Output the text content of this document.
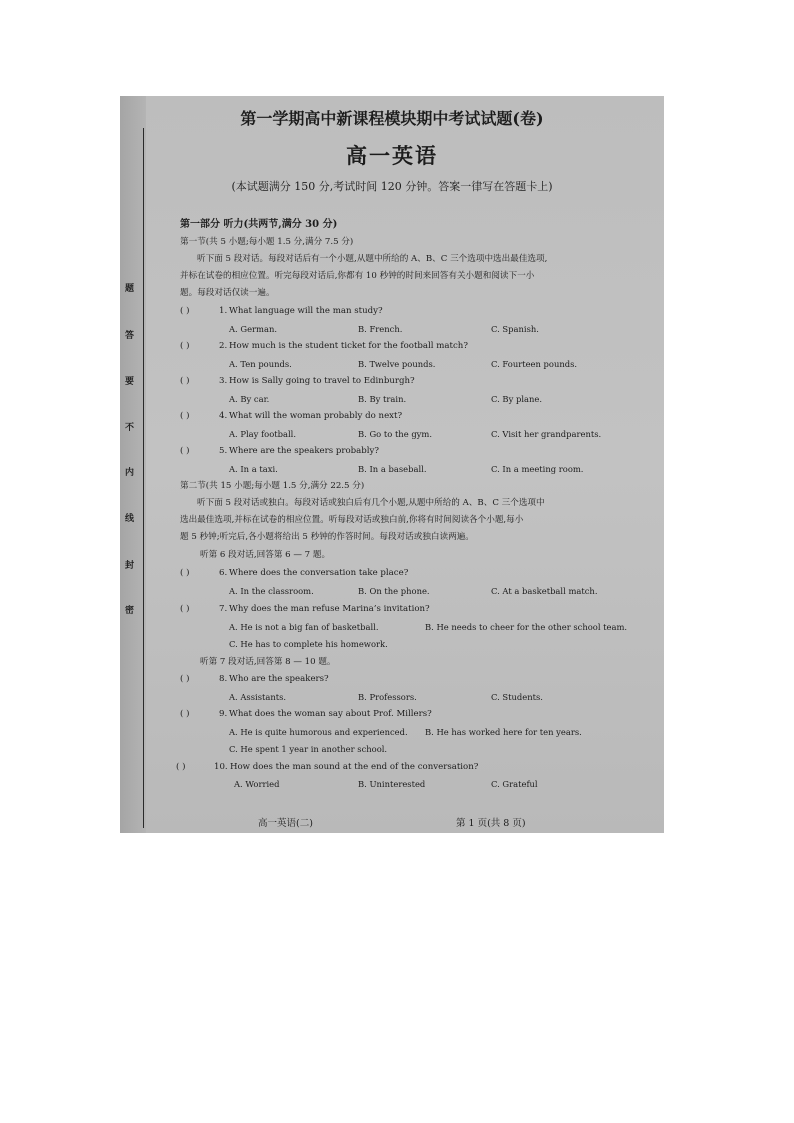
题
答
要
不
内
线
封
密
第一学期高中新课程模块期中考试试题(卷)
高一英语
(本试题满分 150 分,考试时间 120 分钟。答案一律写在答题卡上)
第一部分 听力(共两节,满分 30 分)
第一节(共 5 小题;每小题 1.5 分,满分 7.5 分)
听下面 5 段对话。每段对话后有一个小题,从题中所给的 A、B、C 三个选项中选出最佳选项,
并标在试卷的相应位置。听完每段对话后,你都有 10 秒钟的时间来回答有关小题和阅读下一小
题。每段对话仅读一遍。
( )	1. What language will the man study?
A. German.	B. French.	C. Spanish.
( )	2. How much is the student ticket for the football match?
A. Ten pounds.	B. Twelve pounds.	C. Fourteen pounds.
( )	3. How is Sally going to travel to Edinburgh?
A. By car.	B. By train.	C. By plane.
( )	4. What will the woman probably do next?
A. Play football.	B. Go to the gym.	C. Visit her grandparents.
( )	5. Where are the speakers probably?
A. In a taxi.	B. In a baseball.	C. In a meeting room.
第二节(共 15 小题;每小题 1.5 分,满分 22.5 分)
听下面 5 段对话或独白。每段对话或独白后有几个小题,从题中所给的 A、B、C 三个选项中
选出最佳选项,并标在试卷的相应位置。听每段对话或独白前,你将有时间阅读各个小题,每小
题 5 秒钟;听完后,各小题将给出 5 秒钟的作答时间。每段对话或独白读两遍。
听第 6 段对话,回答第 6 — 7 题。
( )	6. Where does the conversation take place?
A. In the classroom.	B. On the phone.	C. At a basketball match.
( )	7. Why does the man refuse Marina’s invitation?
A. He is not a big fan of basketball.	B. He needs to cheer for the other school team.
C. He has to complete his homework.
听第 7 段对话,回答第 8 — 10 题。
( )	8. Who are the speakers?
A. Assistants.	B. Professors.	C. Students.
( )	9. What does the woman say about Prof. Millers?
A. He is quite humorous and experienced. B. He has worked here for ten years.
C. He spent 1 year in another school.
( )	10. How does the man sound at the end of the conversation?
A. Worried	B. Uninterested	C. Grateful
高一英语(二)	第 1 页(共 8 页)
